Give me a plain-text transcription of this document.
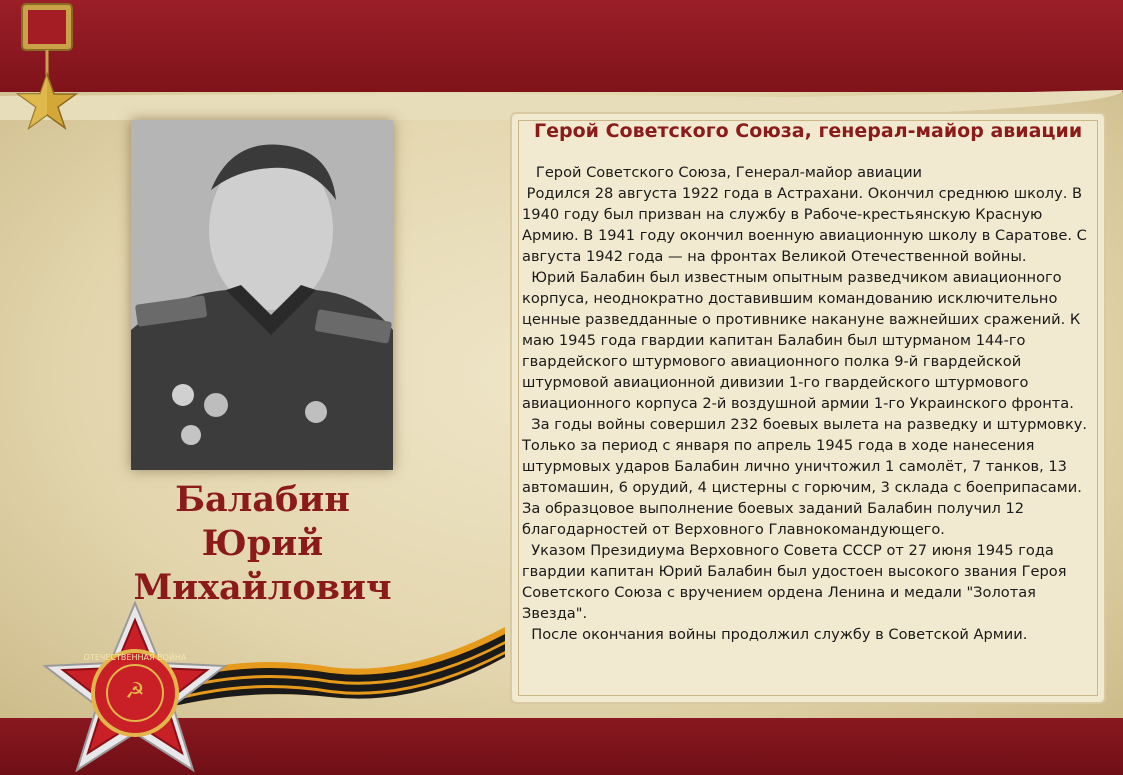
Балабин
Юрий
Михайлович
☭
ОТЕЧЕСТВЕННАЯ ВОЙНА
Герой Советского Союза, генерал-майор авиации

Герой Советского Союза, Генерал-майор авиации

Родился 28 августа 1922 года в Астрахани. Окончил среднюю школу. В 1940 году был призван на службу в Рабоче-крестьянскую Красную Армию. В 1941 году окончил военную авиационную школу в Саратове. С августа 1942 года — на фронтах Великой Отечественной войны.

Юрий Балабин был известным опытным разведчиком авиационного корпуса, неоднократно доставившим командованию исключительно ценные разведданные о противнике накануне важнейших сражений. К маю 1945 года гвардии капитан Балабин был штурманом 144-го гвардейского штурмового авиационного полка 9-й гвардейской штурмовой авиационной дивизии 1-го гвардейского штурмового авиационного корпуса 2-й воздушной армии 1-го Украинского фронта.

За годы войны совершил 232 боевых вылета на разведку и штурмовку. Только за период с января по апрель 1945 года в ходе нанесения штурмовых ударов Балабин лично уничтожил 1 самолёт, 7 танков, 13 автомашин, 6 орудий, 4 цистерны с горючим, 3 склада с боеприпасами. За образцовое выполнение боевых заданий Балабин получил 12 благодарностей от Верховного Главнокомандующего.

Указом Президиума Верховного Совета СССР от 27 июня 1945 года гвардии капитан Юрий Балабин был удостоен высокого звания Героя Советского Союза с вручением ордена Ленина и медали "Золотая Звезда".

После окончания войны продолжил службу в Советской Армии.
